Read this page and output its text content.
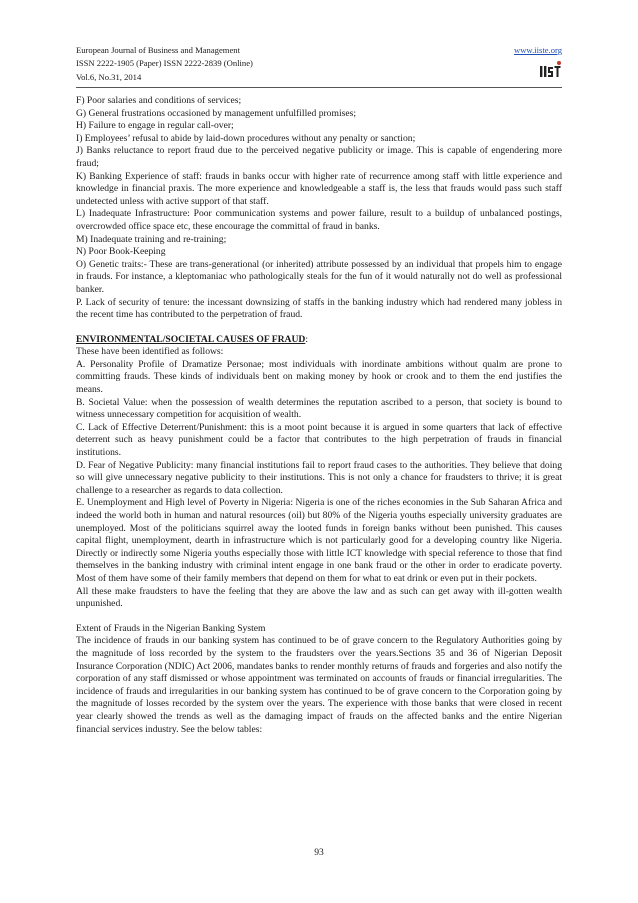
European Journal of Business and Management	www.iiste.org
ISSN 2222-1905 (Paper) ISSN 2222-2839 (Online)
Vol.6, No.31, 2014

F) Poor salaries and conditions of services;

G) General frustrations occasioned by management unfulfilled promises;

H) Failure to engage in regular call-over;

I) Employees’ refusal to abide by laid-down procedures without any penalty or sanction;

J) Banks reluctance to report fraud due to the perceived negative publicity or image. This is capable of engendering more fraud;

K) Banking Experience of staff: frauds in banks occur with higher rate of recurrence among staff with little experience and knowledge in financial praxis. The more experience and knowledgeable a staff is, the less that frauds would pass such staff undetected unless with active support of that staff.

L) Inadequate Infrastructure: Poor communication systems and power failure, result to a buildup of unbalanced postings, overcrowded office space etc, these encourage the committal of fraud in banks.

M) Inadequate training and re-training;

N) Poor Book-Keeping

O) Genetic traits:- These are trans-generational (or inherited) attribute possessed by an individual that propels him to engage in frauds. For instance, a kleptomaniac who pathologically steals for the fun of it would naturally not do well as professional banker.

P. Lack of security of tenure: the incessant downsizing of staffs in the banking industry which had rendered many jobless in the recent time has contributed to the perpetration of fraud.

ENVIRONMENTAL/SOCIETAL CAUSES OF FRAUD:

These have been identified as follows:

A. Personality Profile of Dramatize Personae; most individuals with inordinate ambitions without qualm are prone to committing frauds. These kinds of individuals bent on making money by hook or crook and to them the end justifies the means.

B. Societal Value: when the possession of wealth determines the reputation ascribed to a person, that society is bound to witness unnecessary competition for acquisition of wealth.

C. Lack of Effective Deterrent/Punishment: this is a moot point because it is argued in some quarters that lack of effective deterrent such as heavy punishment could be a factor that contributes to the high perpetration of frauds in financial institutions.

D. Fear of Negative Publicity: many financial institutions fail to report fraud cases to the authorities. They believe that doing so will give unnecessary negative publicity to their institutions. This is not only a chance for fraudsters to thrive; it is great challenge to a researcher as regards to data collection.

E. Unemployment and High level of Poverty in Nigeria: Nigeria is one of the riches economies in the Sub Saharan Africa and indeed the world both in human and natural resources (oil) but 80% of the Nigeria youths especially university graduates are unemployed. Most of the politicians squirrel away the looted funds in foreign banks without been punished. This causes capital flight, unemployment, dearth in infrastructure which is not particularly good for a developing country like Nigeria. Directly or indirectly some Nigeria youths especially those with little ICT knowledge with special reference to those that find themselves in the banking industry with criminal intent engage in one bank fraud or the other in order to eradicate poverty. Most of them have some of their family members that depend on them for what to eat drink or even put in their pockets.

All these make fraudsters to have the feeling that they are above the law and as such can get away with ill-gotten wealth unpunished.

Extent of Frauds in the Nigerian Banking System

The incidence of frauds in our banking system has continued to be of grave concern to the Regulatory Authorities going by the magnitude of loss recorded by the system to the fraudsters over the years.Sections 35 and 36 of Nigerian Deposit Insurance Corporation (NDIC) Act 2006, mandates banks to render monthly returns of frauds and forgeries and also notify the corporation of any staff dismissed or whose appointment was terminated on accounts of frauds or financial irregularities. The incidence of frauds and irregularities in our banking system has continued to be of grave concern to the Corporation going by the magnitude of losses recorded by the system over the years. The experience with those banks that were closed in recent year clearly showed the trends as well as the damaging impact of frauds on the affected banks and the entire Nigerian financial services industry. See the below tables:

93
